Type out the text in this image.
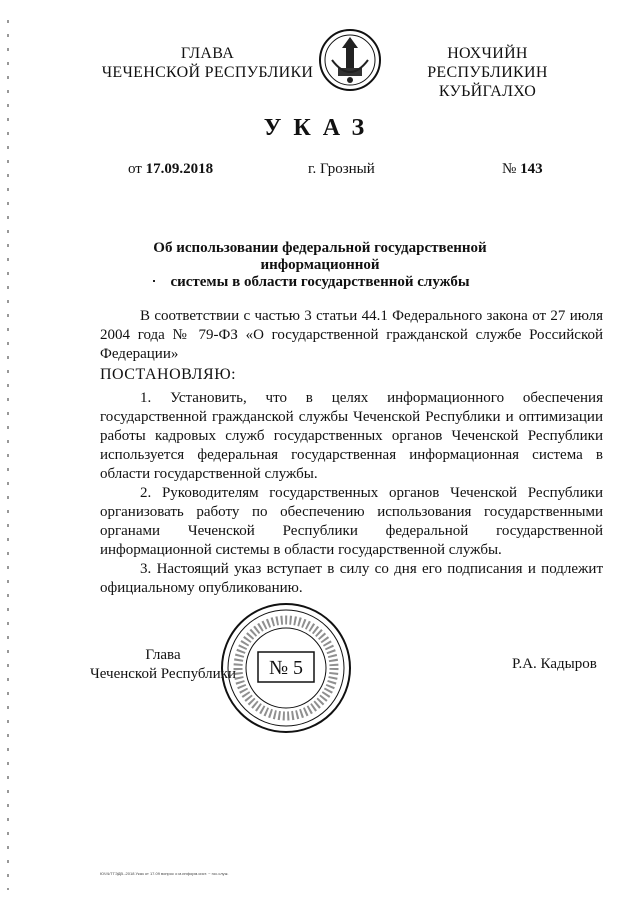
ГЛАВА
ЧЕЧЕНСКОЙ РЕСПУБЛИКИ
НОХЧИЙН РЕСПУБЛИКИН
КУЬЙГАЛХО
УКАЗ
от 17.09.2018	г. Грозный	№ 143
Об использовании федеральной государственной информационной
системы в области государственной службы
В соответствии с частью 3 статьи 44.1 Федерального закона от 27 июля 2004 года № 79-ФЗ «О государственной гражданской службе Российской Федерации»
ПОСТАНОВЛЯЮ:
1. Установить, что в целях информационного обеспечения государственной гражданской службы Чеченской Республики и оптимизации работы кадровых служб государственных органов Чеченской Республики используется федеральная государственная информационная система в области государственной службы.
2. Руководителям государственных органов Чеченской Республики организовать работу по обеспечению использования государственными органами Чеченской Республики федеральной государственной информационной системы в области государственной службы.
3. Настоящий указ вступает в силу со дня его подписания и подлежит официальному опубликованию.
Глава
Чеченской Республики № 5	Р.А. Кадыров
ЮЧЧ/ТГЭДВ.-2018 Указ от 17.09 вопрос о м.информ.сист. ~ гос.служ.
